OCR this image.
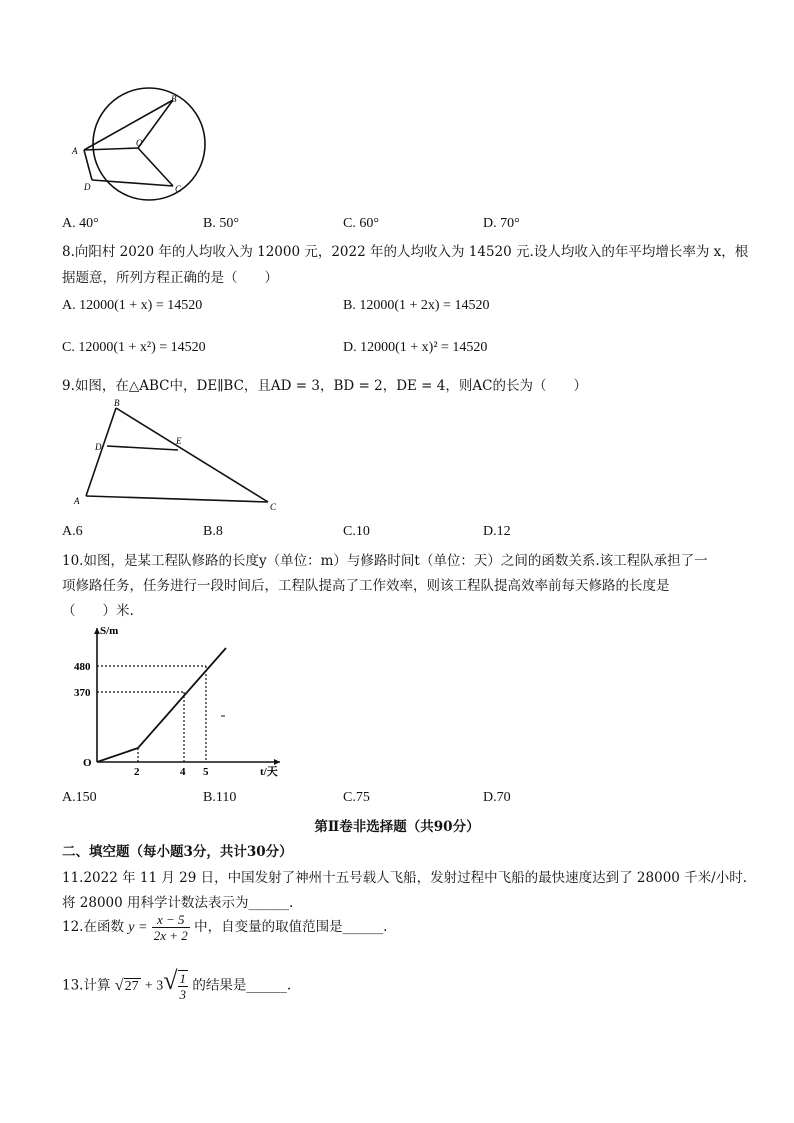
A
B
C
D
O
A. 40°	B. 50°	C. 60°	D. 70°
8.向阳村 2020 年的人均收入为 12000 元，2022 年的人均收入为 14520 元.设人均收入的年平均增长率为 x，根
据题意，所列方程正确的是（　　）
A. 12000(1 + x) = 14520	B. 12000(1 + 2x) = 14520
C. 12000(1 + x²) = 14520	D. 12000(1 + x)² = 14520
9.如图，在△ABC中，DE∥BC，且AD = 3，BD = 2，DE = 4，则AC的长为（　　）
B
D
E
A
C
A.6	B.8	C.10	D.12
10.如图，是某工程队修路的长度y（单位：m）与修路时间t（单位：天）之间的函数关系.该工程队承担了一
项修路任务，任务进行一段时间后，工程队提高了工作效率，则该工程队提高效率前每天修路的长度是
（　　）米.
S/m
t/天
O
480
370
2	4 5
A.150	B.110	C.75	D.70
第Ⅱ卷非选择题（共90分）
二、填空题（每小题3分，共计30分）
11.2022 年 11 月 29 日，中国发射了神州十五号载人飞船，发射过程中飞船的最快速度达到了 28000 千米/小时.
将 28000 用科学计数法表示为______.
12.在函数 $y = \frac{x - 5}{2x + 2}$ 中，自变量的取值范围是______.
13.计算 $√27 + 3√ \frac{1}{3}$ 的结果是______.
